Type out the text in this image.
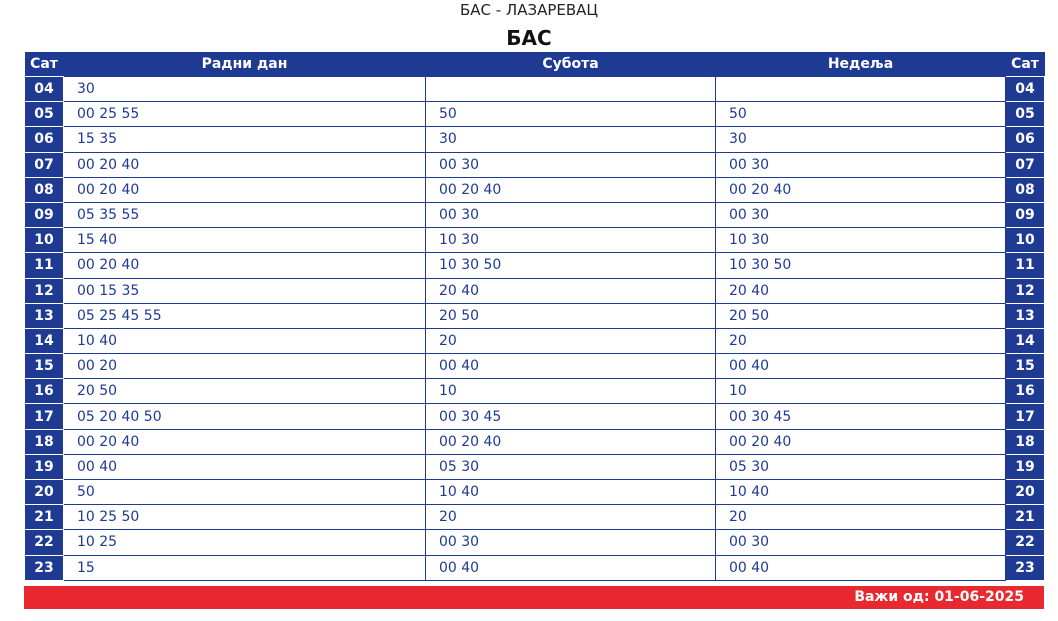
БАС - ЛАЗАРЕВАЦ
БАС
Сат	Радни дан	Субота	Недеља	Сат
04	30			04
05	00 25 55	50	50	05
06	15 35	30	30	06
07	00 20 40	00 30	00 30	07
08	00 20 40	00 20 40	00 20 40	08
09	05 35 55	00 30	00 30	09
10	15 40	10 30	10 30	10
11	00 20 40	10 30 50	10 30 50	11
12	00 15 35	20 40	20 40	12
13	05 25 45 55	20 50	20 50	13
14	10 40	20	20	14
15	00 20	00 40	00 40	15
16	20 50	10	10	16
17	05 20 40 50	00 30 45	00 30 45	17
18	00 20 40	00 20 40	00 20 40	18
19	00 40	05 30	05 30	19
20	50	10 40	10 40	20
21	10 25 50	20	20	21
22	10 25	00 30	00 30	22
23	15	00 40	00 40	23
Важи од: 01-06-2025
